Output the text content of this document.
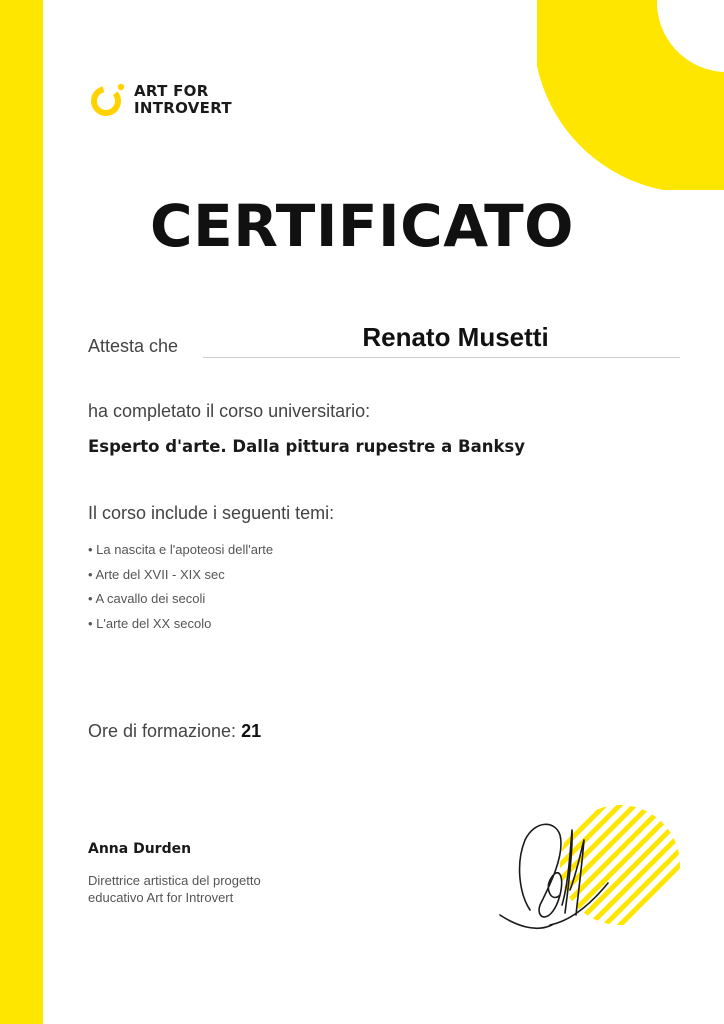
ART FOR
INTROVERT
CERTIFICATO
Attesta che	Renato Musetti
ha completato il corso universitario:
Esperto d'arte. Dalla pittura rupestre a Banksy
Il corso include i seguenti temi:
• La nascita e l'apoteosi dell'arte
• Arte del XVII - XIX sec
• A cavallo dei secoli
• L'arte del XX secolo
Ore di formazione: 21
Anna Durden
Direttrice artistica del progetto
educativo Art for Introvert
